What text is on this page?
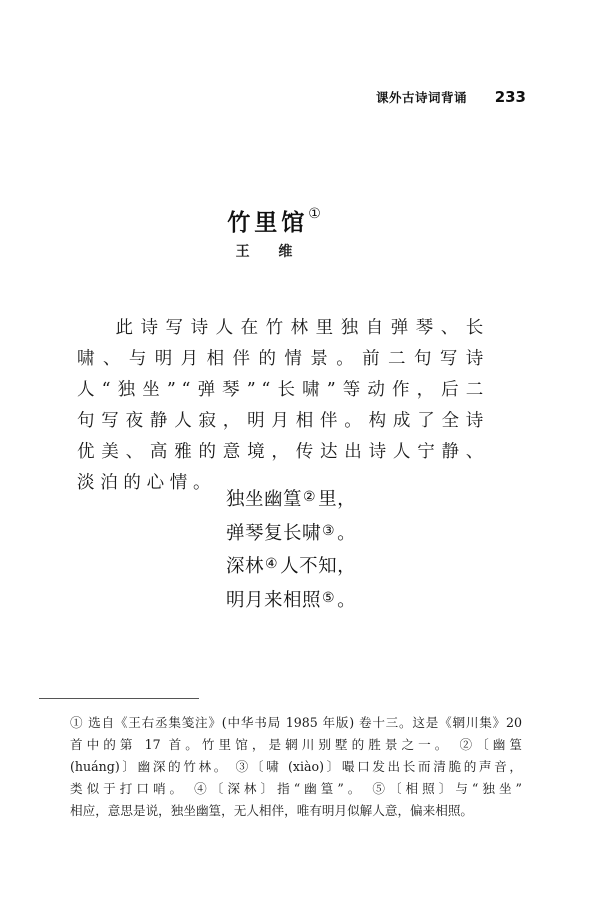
课外古诗词背诵 233
竹里馆①
王 维

此诗写诗人在竹林里独自弹琴、长啸、与明月相伴的情景。前二句写诗人“独坐”“弹琴”“长啸”等动作，后二句写夜静人寂，明月相伴。构成了全诗优美、高雅的意境，传达出诗人宁静、淡泊的心情。

独坐幽篁② 里，
弹琴复长啸③ 。
深林④ 人不知，
明月来相照⑤ 。
① 选自《王右丞集笺注》(中华书局 1985 年版) 卷十三。这是《辋川集》20
首中的第 17 首。竹里馆，是辋川别墅的胜景之一。 ②〔幽篁
(huáng)〕幽深的竹林。 ③〔啸 (xiào)〕嘬口发出长而清脆的声音，
类似于打口哨。 ④〔深林〕指“幽篁”。 ⑤〔相照〕与“独坐”
相应，意思是说，独坐幽篁，无人相伴，唯有明月似解人意，偏来相照。
